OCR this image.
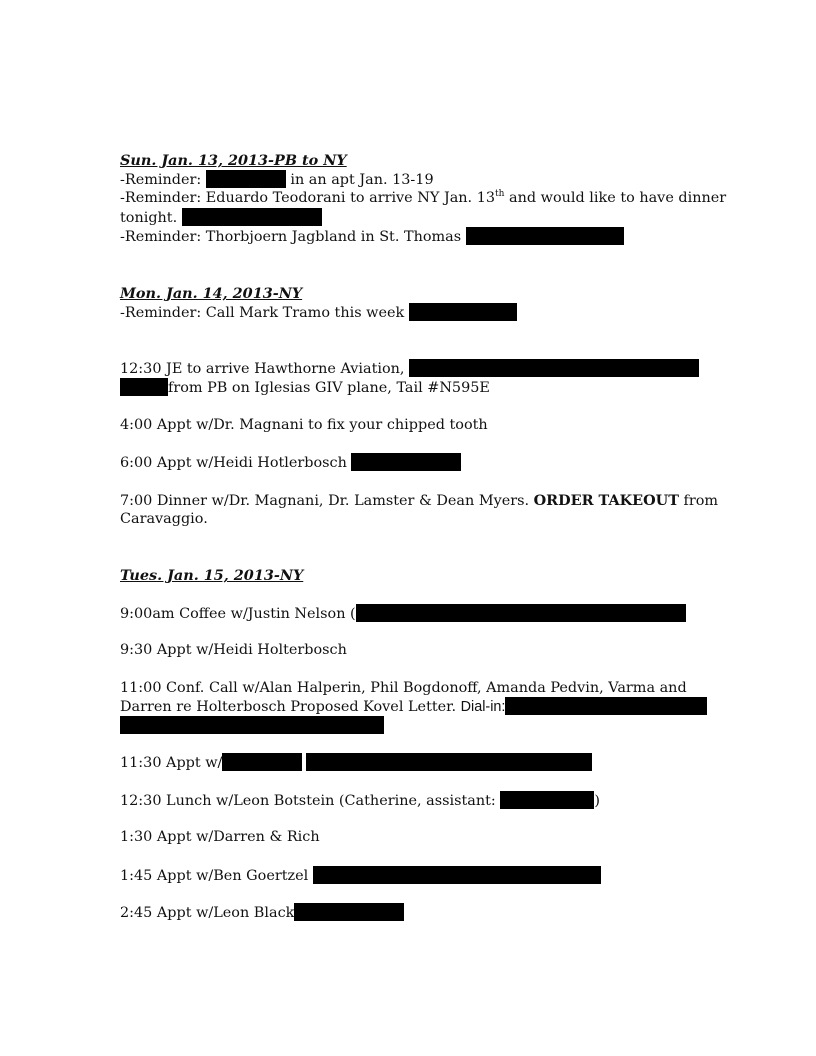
Sun. Jan. 13, 2013-PB to NY
-Reminder:	in an apt Jan. 13-19
-Reminder: Eduardo Teodorani to arrive NY Jan. 13th and would like to have dinner
tonight.
-Reminder: Thorbjoern Jagbland in St. Thomas
Mon. Jan. 14, 2013-NY
-Reminder: Call Mark Tramo this week
12:30 JE to arrive Hawthorne Aviation,
from PB on Iglesias GIV plane, Tail #N595E
4:00 Appt w/Dr. Magnani to fix your chipped tooth
6:00 Appt w/Heidi Hotlerbosch
7:00 Dinner w/Dr. Magnani, Dr. Lamster & Dean Myers. ORDER TAKEOUT from
Caravaggio.
Tues. Jan. 15, 2013-NY
9:00am Coffee w/Justin Nelson (
9:30 Appt w/Heidi Holterbosch
11:00 Conf. Call w/Alan Halperin, Phil Bogdonoff, Amanda Pedvin, Varma and
Darren re Holterbosch Proposed Kovel Letter. Dial-in:
11:30 Appt w/
12:30 Lunch w/Leon Botstein (Catherine, assistant:	)
1:30 Appt w/Darren & Rich
1:45 Appt w/Ben Goertzel
2:45 Appt w/Leon Black
